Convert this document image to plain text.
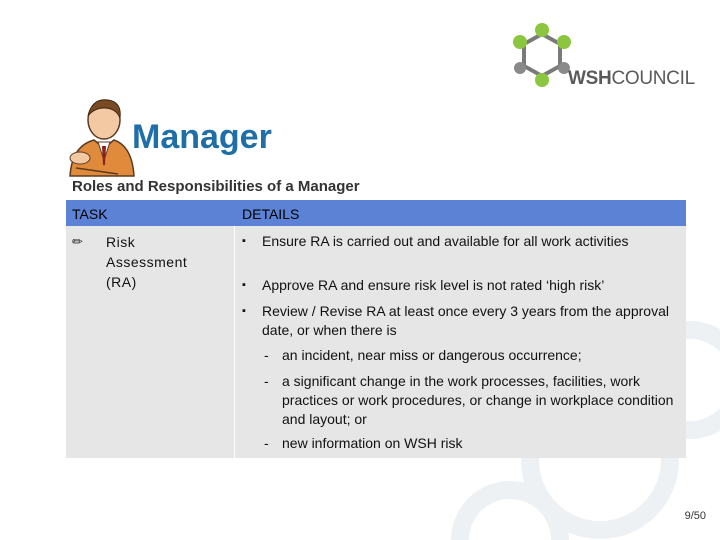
WSHCOUNCIL
Manager
Roles and Responsibilities of a Manager
TASK	DETAILS
✏ Risk
Assessment
(RA)
▪ Ensure RA is carried out and available for all work activities
▪ Approve RA and ensure risk level is not rated ‘high risk’
▪ Review / Revise RA at least once every 3 years from the approval date, or when there is
- an incident, near miss or dangerous occurrence;
- a significant change in the work processes, facilities, work practices or work procedures, or change in workplace condition and layout; or
- new information on WSH risk
9/50
